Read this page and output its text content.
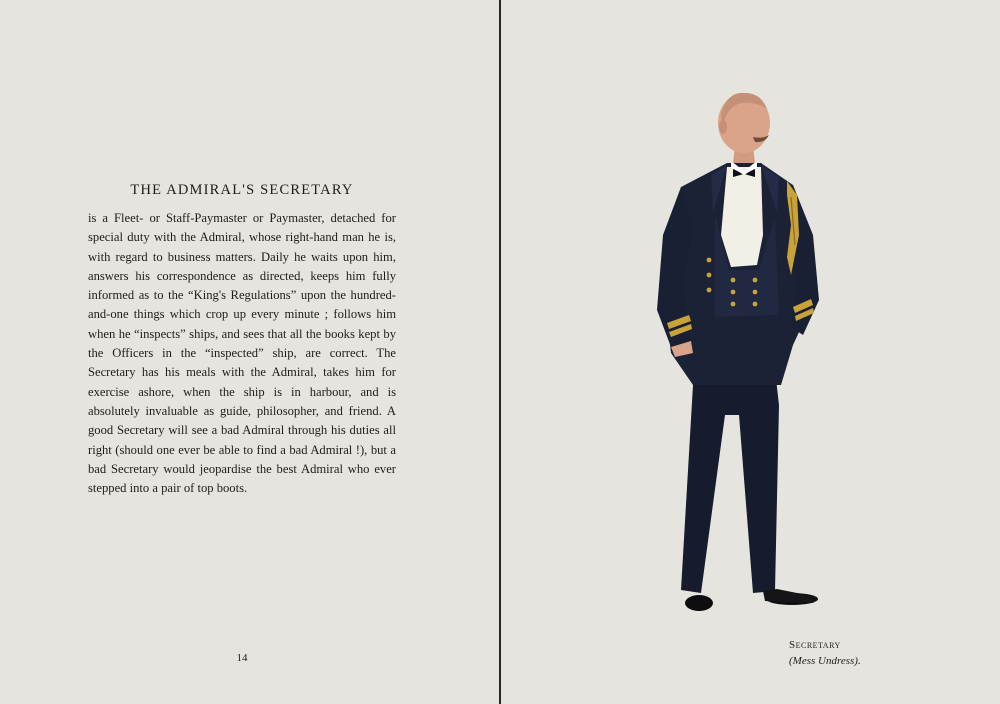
THE ADMIRAL'S SECRETARY

is a Fleet- or Staff-Paymaster or Paymaster, detached for special duty with the Admiral, whose right-hand man he is, with regard to business matters. Daily he waits upon him, answers his correspondence as directed, keeps him fully informed as to the “King's Regulations” upon the hundred-and-one things which crop up every minute ; follows him when he “inspects” ships, and sees that all the books kept by the Officers in the “inspected” ship, are correct. The Secretary has his meals with the Admiral, takes him for exercise ashore, when the ship is in harbour, and is absolutely invaluable as guide, philosopher, and friend. A good Secretary will see a bad Admiral through his duties all right (should one ever be able to find a bad Admiral !), but a bad Secretary would jeopardise the best Admiral who ever stepped into a pair of top boots.

14
Secretary
(Mess Undress).
